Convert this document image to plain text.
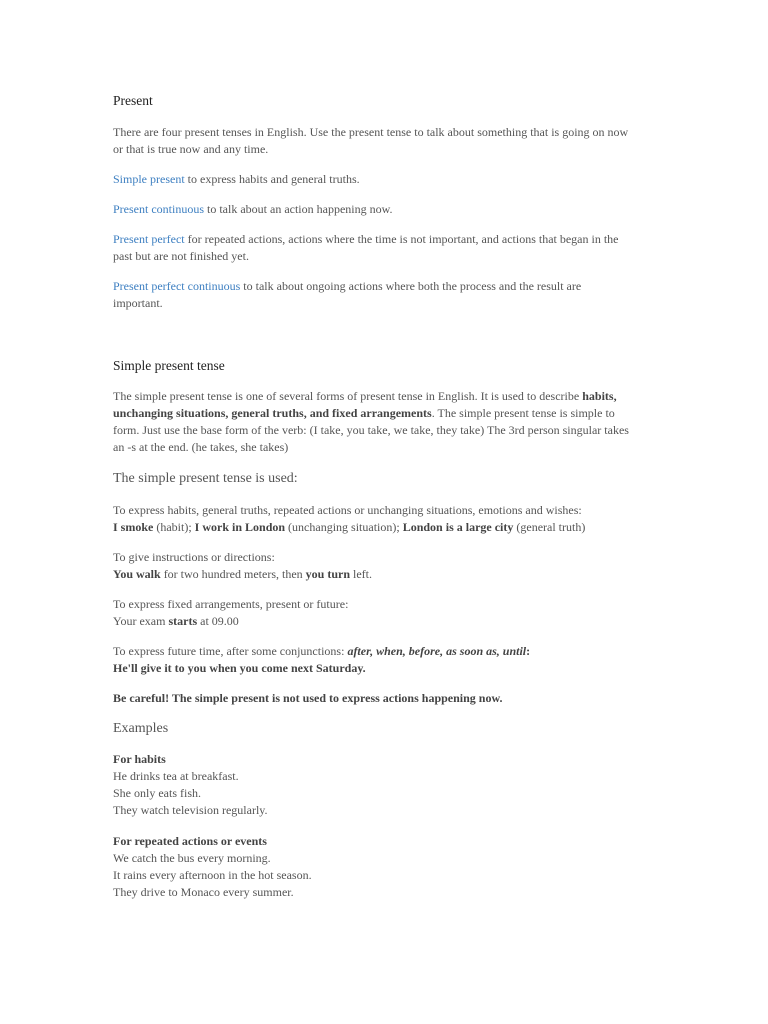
Present
There are four present tenses in English. Use the present tense to talk about something that is going on now
or that is true now and any time.
Simple present to express habits and general truths.
Present continuous to talk about an action happening now.
Present perfect for repeated actions, actions where the time is not important, and actions that began in the
past but are not finished yet.
Present perfect continuous to talk about ongoing actions where both the process and the result are
important.
Simple present tense
The simple present tense is one of several forms of present tense in English. It is used to describe habits,
unchanging situations, general truths, and fixed arrangements. The simple present tense is simple to
form. Just use the base form of the verb: (I take, you take, we take, they take) The 3rd person singular takes
an -s at the end. (he takes, she takes)
The simple present tense is used:
To express habits, general truths, repeated actions or unchanging situations, emotions and wishes:
I smoke (habit); I work in London (unchanging situation); London is a large city (general truth)
To give instructions or directions:
You walk for two hundred meters, then you turn left.
To express fixed arrangements, present or future:
Your exam starts at 09.00
To express future time, after some conjunctions: after, when, before, as soon as, until:
He'll give it to you when you come next Saturday.
Be careful! The simple present is not used to express actions happening now.
Examples
For habits
He drinks tea at breakfast.
She only eats fish.
They watch television regularly.
For repeated actions or events
We catch the bus every morning.
It rains every afternoon in the hot season.
They drive to Monaco every summer.
